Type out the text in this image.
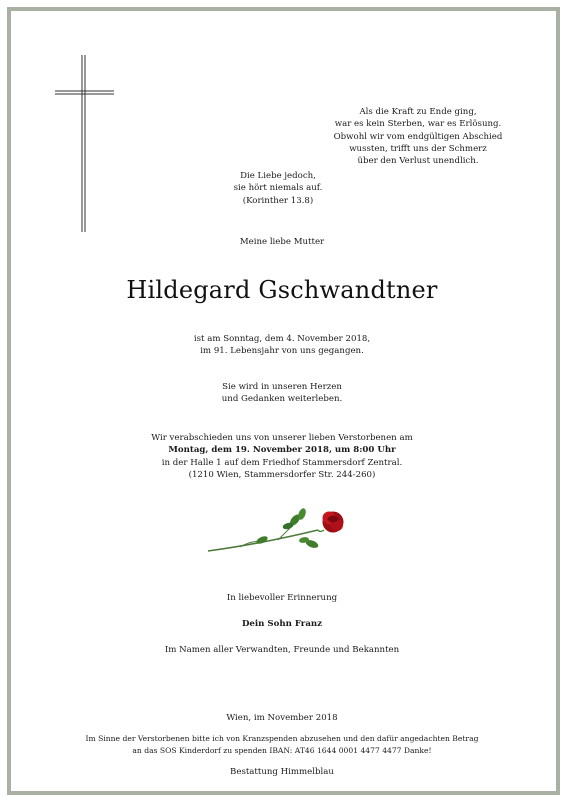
Als die Kraft zu Ende ging,
war es kein Sterben, war es Erlösung.
Obwohl wir vom endgültigen Abschied
wussten, trifft uns der Schmerz
über den Verlust unendlich.
Die Liebe jedoch,
sie hört niemals auf.
(Korinther 13.8)
Meine liebe Mutter
Hildegard Gschwandtner
ist am Sonntag, dem 4. November 2018,
im 91. Lebensjahr von uns gegangen.
Sie wird in unseren Herzen
und Gedanken weiterleben.
Wir verabschieden uns von unserer lieben Verstorbenen am
Montag, dem 19. November 2018, um 8:00 Uhr
in der Halle 1 auf dem Friedhof Stammersdorf Zentral.
(1210 Wien, Stammersdorfer Str. 244-260)
In liebevoller Erinnerung
Dein Sohn Franz
Im Namen aller Verwandten, Freunde und Bekannten
Wien, im November 2018
Im Sinne der Verstorbenen bitte ich von Kranzspenden abzusehen und den dafür angedachten Betrag
an das SOS Kinderdorf zu spenden IBAN: AT46 1644 0001 4477 4477 Danke!
Bestattung Himmelblau
